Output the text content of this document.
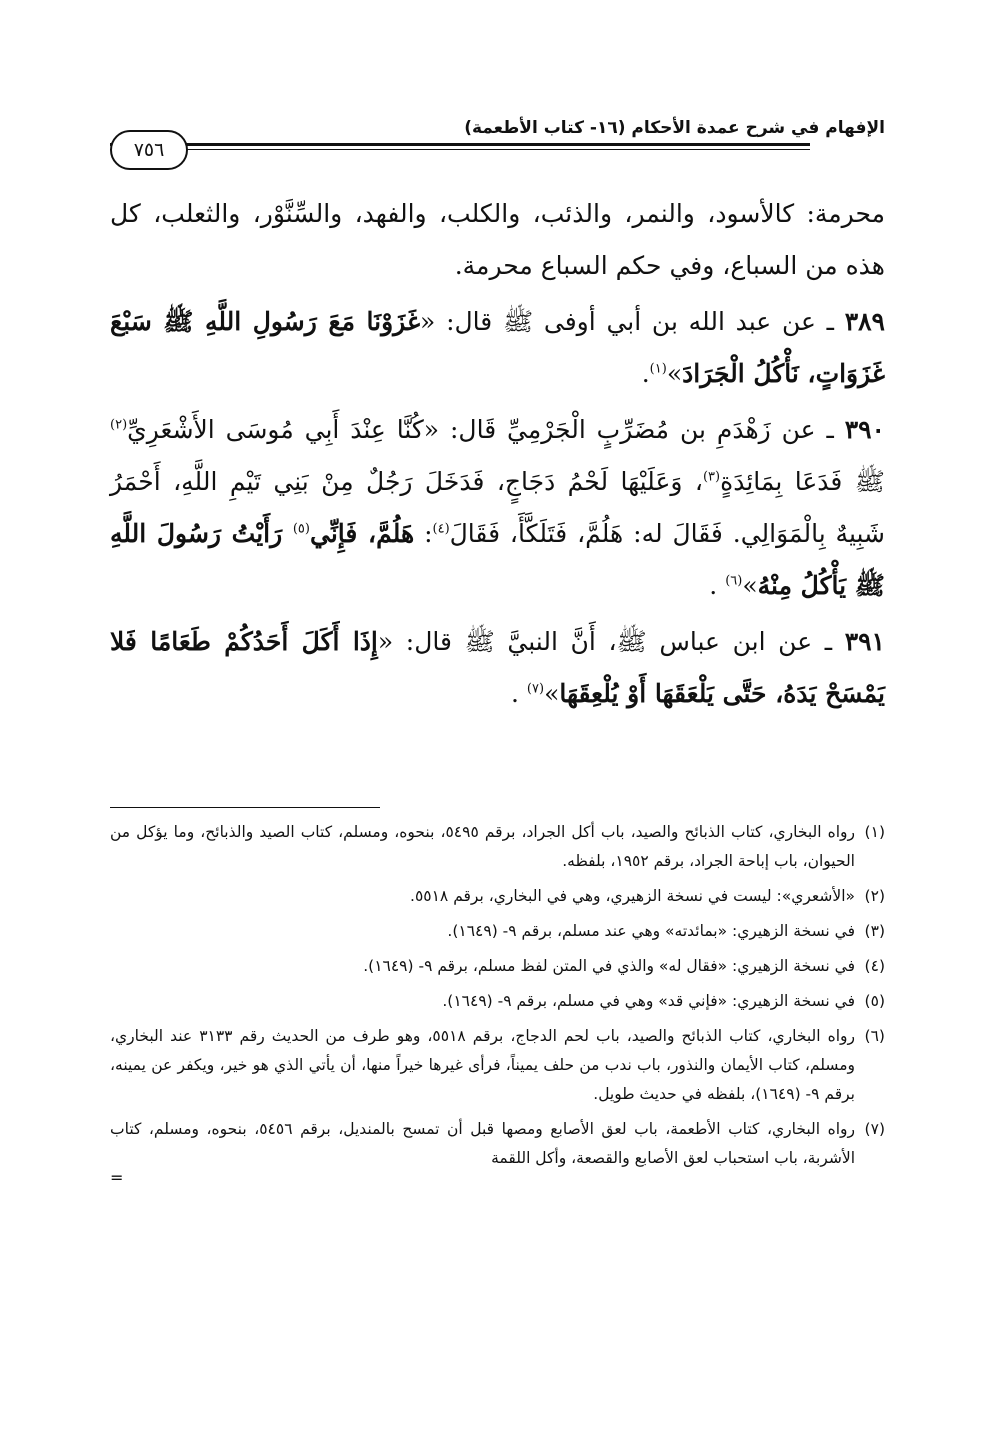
الإفهام في شرح عمدة الأحكام (١٦- كتاب الأطعمة)
٧٥٦

محرمة: كالأسود، والنمر، والذئب، والكلب، والفهد، والسِّنَّوْر، والثعلب، كل هذه من السباع، وفي حكم السباع محرمة.

٣٨٩ ـ عن عبد الله بن أبي أوفى ﷺ قال: «غَزَوْنَا مَعَ رَسُولِ اللَّهِ ﷺ سَبْعَ غَزَوَاتٍ، نَأْكُلُ الْجَرَادَ»$^{(١)}$.

٣٩٠ ـ عن زَهْدَمِ بن مُضَرِّبٍ الْجَرْمِيِّ قَال: «كُنَّا عِنْدَ أَبِي مُوسَى الأَشْعَرِيِّ$^{(٢)}$ ﷺ فَدَعَا بِمَائِدَةٍ$^{(٣)}$، وَعَلَيْهَا لَحْمُ دَجَاجٍ، فَدَخَلَ رَجُلٌ مِنْ بَنِي تَيْمِ اللَّهِ، أَحْمَرُ شَبِيهٌ بِالْمَوَالِي. فَقَالَ له: هَلُمَّ، فَتَلَكَّأَ، فَقَالَ$^{(٤)}$: هَلُمَّ، فَإِنِّي$^{(٥)}$ رَأَيْتُ رَسُولَ اللَّهِ ﷺ يَأْكُلُ مِنْهُ»$^{(٦)}$ .

٣٩١ ـ عن ابن عباس ﷺ، أَنَّ النبيَّ ﷺ قال: «إِذَا أَكَلَ أَحَدُكُمْ طَعَامًا فَلا يَمْسَحْ يَدَهُ، حَتَّى يَلْعَقَهَا أَوْ يُلْعِقَهَا»$^{(٧)}$ .

(١)رواه البخاري، كتاب الذبائح والصيد، باب أكل الجراد، برقم ٥٤٩٥، بنحوه، ومسلم، كتاب الصيد والذبائح، وما يؤكل من الحيوان، باب إباحة الجراد، برقم ١٩٥٢، بلفظه.

(٢)«الأشعري»: ليست في نسخة الزهيري، وهي في البخاري، برقم ٥٥١٨.

(٣)في نسخة الزهيري: «بمائدته» وهي عند مسلم، برقم ٩- (١٦٤٩).

(٤)في نسخة الزهيري: «فقال له» والذي في المتن لفظ مسلم، برقم ٩- (١٦٤٩).

(٥)في نسخة الزهيري: «فإني قد» وهي في مسلم، برقم ٩- (١٦٤٩).

(٦)رواه البخاري، كتاب الذبائح والصيد، باب لحم الدجاج، برقم ٥٥١٨، وهو طرف من الحديث رقم ٣١٣٣ عند البخاري، ومسلم، كتاب الأيمان والنذور، باب ندب من حلف يميناً، فرأى غيرها خيراً منها، أن يأتي الذي هو خير، ويكفر عن يمينه، برقم ٩- (١٦٤٩)، بلفظه في حديث طويل.

(٧)رواه البخاري، كتاب الأطعمة، باب لعق الأصابع ومصها قبل أن تمسح بالمنديل، برقم ٥٤٥٦، بنحوه، ومسلم، كتاب الأشربة، باب استحباب لعق الأصابع والقصعة، وأكل اللقمة

=
